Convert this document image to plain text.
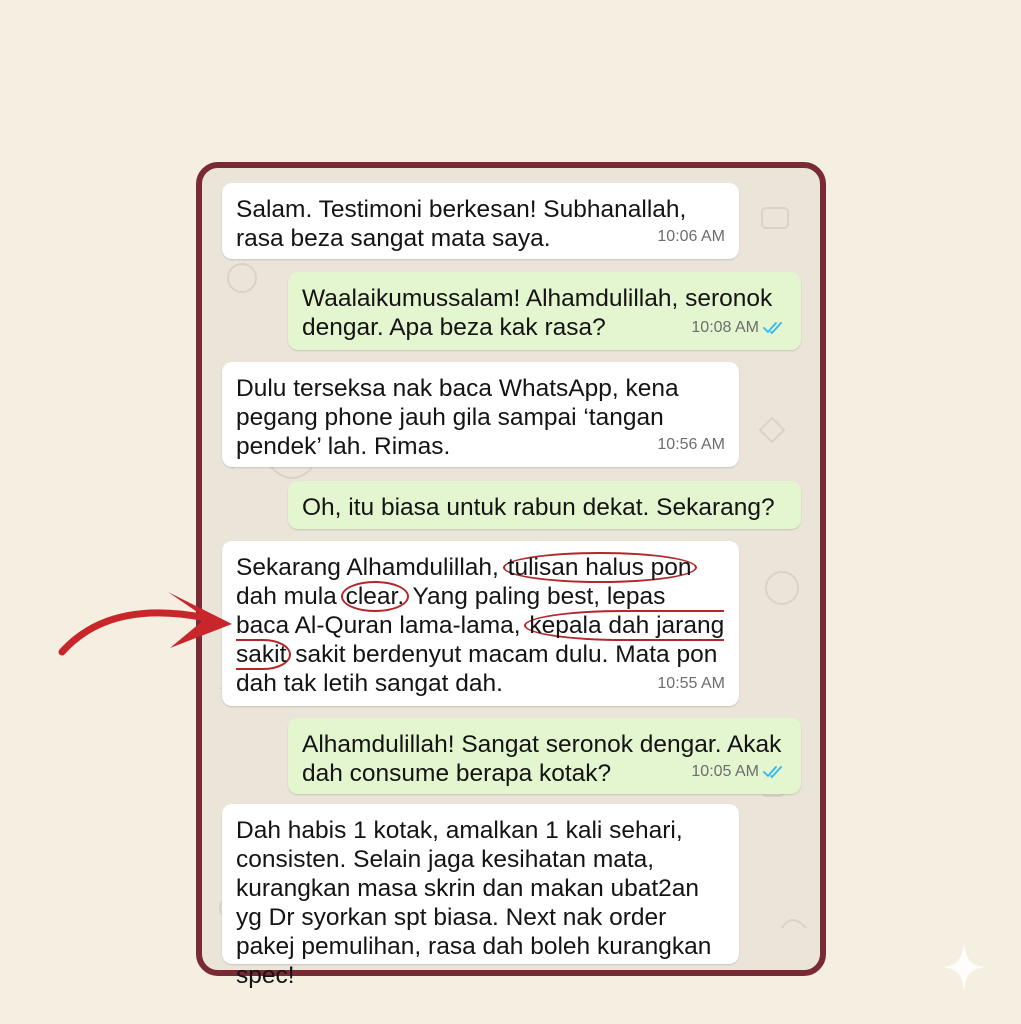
Salam. Testimoni berkesan! Subhanallah, rasa beza sangat mata saya.	10:06 AM
Waalaikumussalam! Alhamdulillah, seronok dengar. Apa beza kak rasa?	10:08 AM
Dulu terseksa nak baca WhatsApp, kena pegang phone jauh gila sampai ‘tangan pendek’ lah. Rimas.	10:56 AM
Oh, itu biasa untuk rabun dekat. Sekarang?
Sekarang Alhamdulillah, tulisan halus pon dah mula clear. Yang paling best, lepas baca Al-Quran lama-lama, kepala dah jarang sakit sakit berdenyut macam dulu. Mata pon dah tak letih sangat dah.	10:55 AM
Alhamdulillah! Sangat seronok dengar. Akak dah consume berapa kotak?	10:05 AM
Dah habis 1 kotak, amalkan 1 kali sehari, consisten. Selain jaga kesihatan mata, kurangkan masa skrin dan makan ubat2an yg Dr syorkan spt biasa. Next nak order pakej pemulihan, rasa dah boleh kurangkan spec!
